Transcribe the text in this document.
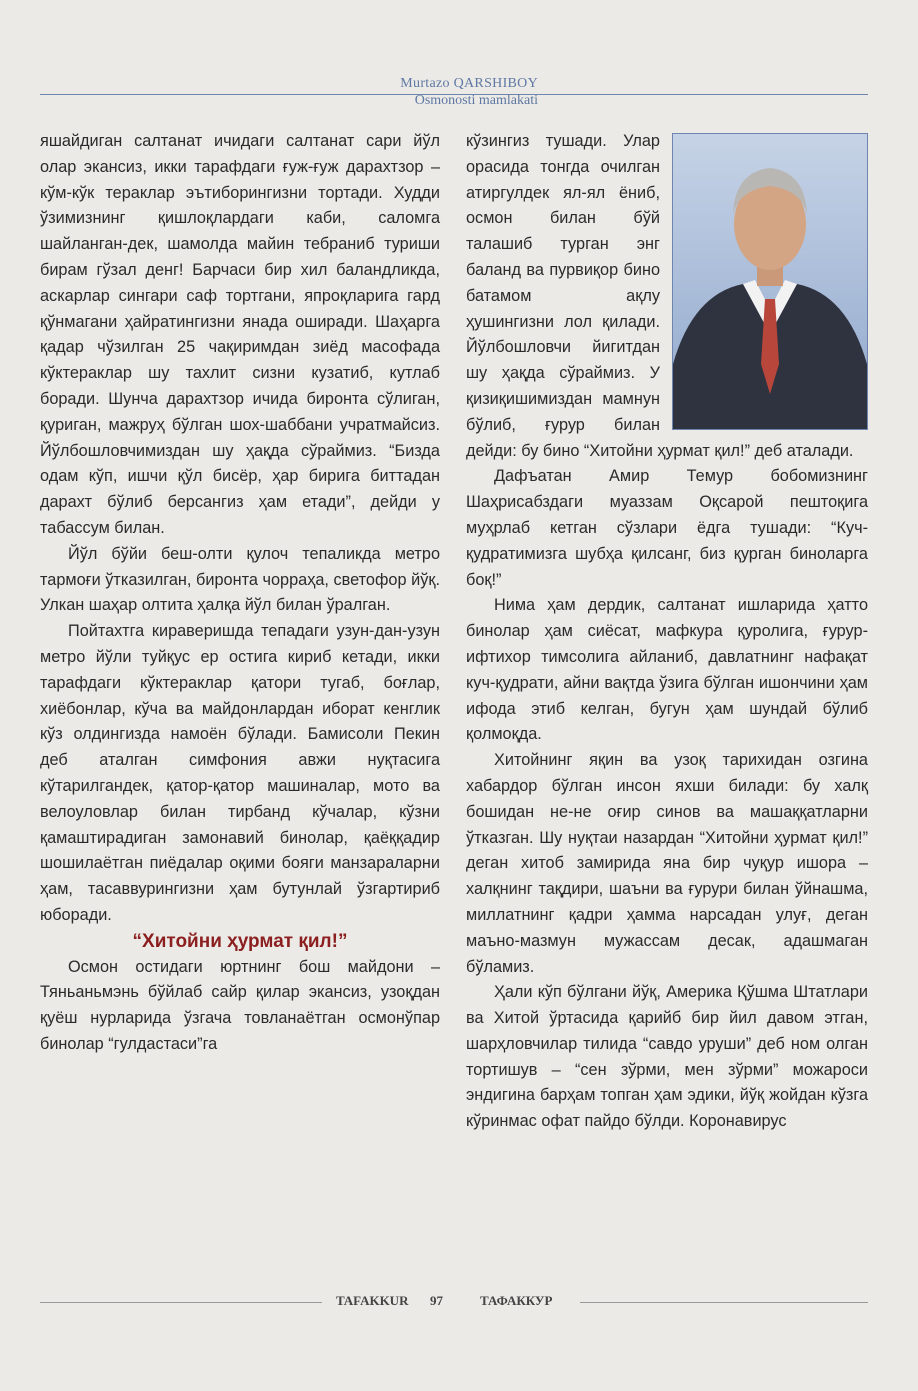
Murtazo QARSHIBOY
Osmonosti mamlakati

яшайдиган салтанат ичидаги салтанат сари йўл олар экансиз, икки тарафдаги ғуж-ғуж дарахтзор – кўм-кўк тераклар эътиборингизни тортади. Худди ўзимизнинг қишлоқлардаги каби, саломга шайланган-дек, шамолда майин тебраниб туриши бирам гўзал денг! Барчаси бир хил баландликда, аскарлар сингари саф тортгани, япроқларига гард қўнмагани ҳайратингизни янада оширади. Шаҳарга қадар чўзилган 25 чақиримдан зиёд масофада кўктераклар шу тахлит сизни кузатиб, кутлаб боради. Шунча дарахтзор ичида биронта сўлиган, қуриган, мажруҳ бўлган шох-шаббани учратмайсиз. Йўлбошловчимиздан шу ҳақда сўраймиз. “Бизда одам кўп, ишчи қўл бисёр, ҳар бирига биттадан дарахт бўлиб берсангиз ҳам етади”, дейди у табассум билан.

Йўл бўйи беш-олти қулоч тепаликда метро тармоғи ўтказилган, биронта чорраҳа, светофор йўқ. Улкан шаҳар олтита ҳалқа йўл билан ўралган.

Пойтахтга кираверишда тепадаги узун-дан-узун метро йўли туйқус ер остига кириб кетади, икки тарафдаги кўктераклар қатори тугаб, боғлар, хиёбонлар, кўча ва майдонлардан иборат кенглик кўз олдингизда намоён бўлади. Бамисоли Пекин деб аталган симфония авжи нуқтасига кўтарилгандек, қатор-қатор машиналар, мото ва велоуловлар билан тирбанд кўчалар, кўзни қамаштирадиган замонавий бинолар, қаёққадир шошилаётган пиёдалар оқими бояги манзараларни ҳам, тасаввурингизни ҳам бутунлай ўзгартириб юборади.

“Хитойни ҳурмат қил!”

Осмон остидаги юртнинг бош майдони – Тяньаньмэнь бўйлаб сайр қилар эканcиз, узоқдан қуёш нурларида ўзгача товланаётган осмонўпар бинолар “гулдастаси”га

кўзингиз тушади. Улар орасида тонгда очилган атиргулдек ял-ял ёниб, осмон билан бўй талашиб турган энг баланд ва пурвиқор бино батамом ақлу ҳушингизни лол қилади. Йўлбошловчи йигитдан шу ҳақда сўраймиз. У қизиқишимиздан мамнун бўлиб, ғурур билан дейди: бу бино “Хитойни ҳурмат қил!” деб аталади.

Дафъатан Амир Темур бобомизнинг Шаҳрисабздаги муаззам Оқсарой пештоқига муҳрлаб кетган сўзлари ёдга тушади: “Куч-қудратимизга шубҳа қилсанг, биз қурган биноларга боқ!”

Нима ҳам дердик, салтанат ишларида ҳатто бинолар ҳам сиёсат, мафкура қуролига, ғурур-ифтихор тимсолига айланиб, давлатнинг нафақат куч-қудрати, айни вақтда ўзига бўлган ишончини ҳам ифода этиб келган, бугун ҳам шундай бўлиб қолмоқда.

Хитойнинг яқин ва узоқ тарихидан озгина хабардор бўлган инсон яхши билади: бу халқ бошидан не-не оғир синов ва машаққатларни ўтказган. Шу нуқтаи назардан “Хитойни ҳурмат қил!” деган хитоб замирида яна бир чуқур ишора – халқнинг тақдири, шаъни ва ғурури билан ўйнашма, миллатнинг қадри ҳамма нарсадан улуғ, деган маъно-мазмун мужассам десак, адашмаган бўламиз.

Ҳали кўп бўлгани йўқ, Америка Қўшма Штатлари ва Хитой ўртасида қарийб бир йил давом этган, шарҳловчилар тилида “савдо уруши” деб ном олган тортишув – “сен зўрми, мен зўрми” можароси эндигина барҳам топган ҳам эдики, йўқ жойдан кўзга кўринмас офат пайдо бўлди. Коронавирус

TAFAKKUR 97	ТАФАККУР
